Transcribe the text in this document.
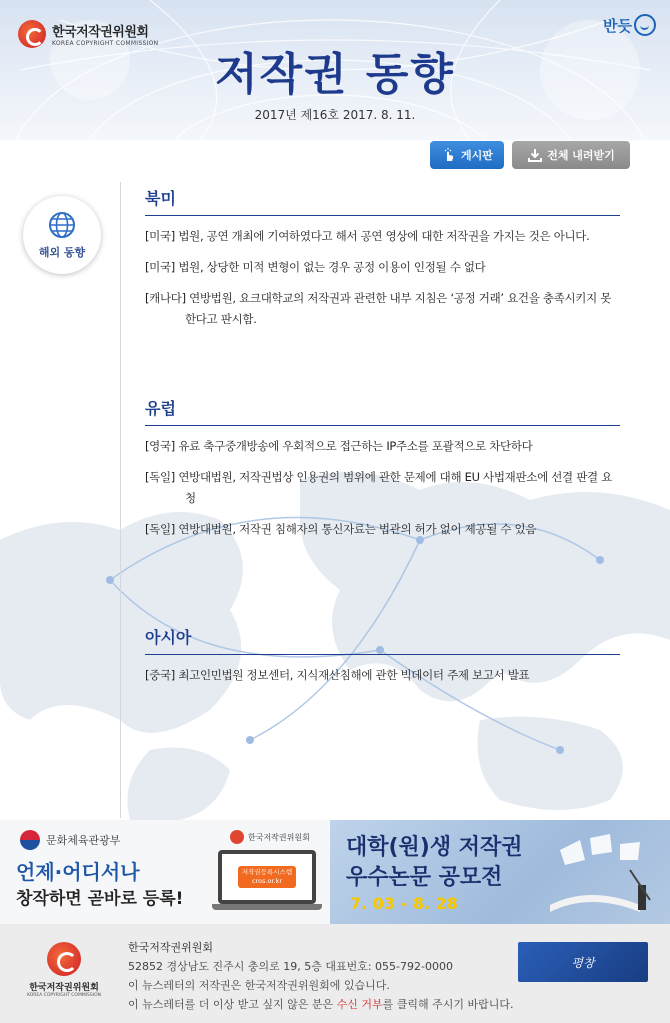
한국저작권위원회
KOREA COPYRIGHT COMMISSION
반듯
저작권 동향
2017년 제16호 2017. 8. 11.
게시판	전체 내려받기
해외 동향
북미
[미국] 법원, 공연 개최에 기여하였다고 해서 공연 영상에 대한 저작권을 가지는 것은 아니다.
[미국] 법원, 상당한 미적 변형이 없는 경우 공정 이용이 인정될 수 없다
[캐나다] 연방법원, 요크대학교의 저작권과 관련한 내부 지침은 ‘공정 거래’ 요건을 충족시키지 못한다고 판시함.
유럽
[영국] 유료 축구중개방송에 우회적으로 접근하는 IP주소를 포괄적으로 차단하다
[독일] 연방대법원, 저작권법상 인용권의 범위에 관한 문제에 대해 EU 사법재판소에 선결 판결 요청
[독일] 연방대법원, 저작권 침해자의 통신자료는 법관의 허가 없이 제공될 수 있음
아시아
[중국] 최고인민법원 정보센터, 지식재산침해에 관한 빅데이터 주제 보고서 발표
문화체육관광부
언제·어디서나
창작하면 곧바로 등록!
한국저작권위원회
저작권등록시스템
cros.or.kr
대학(원)생 저작권
우수논문 공모전
7. 03 - 8. 28
한국저작권위원회
KOREA COPYRIGHT COMMISSION
한국저작권위원회
52852 경상남도 진주시 충의로 19, 5층 대표번호: 055-792-0000
이 뉴스레터의 저작권은 한국저작권위원회에 있습니다.
이 뉴스레터를 더 이상 받고 싶지 않은 분은 수신 거부를 클릭해 주시기 바랍니다.
평창
